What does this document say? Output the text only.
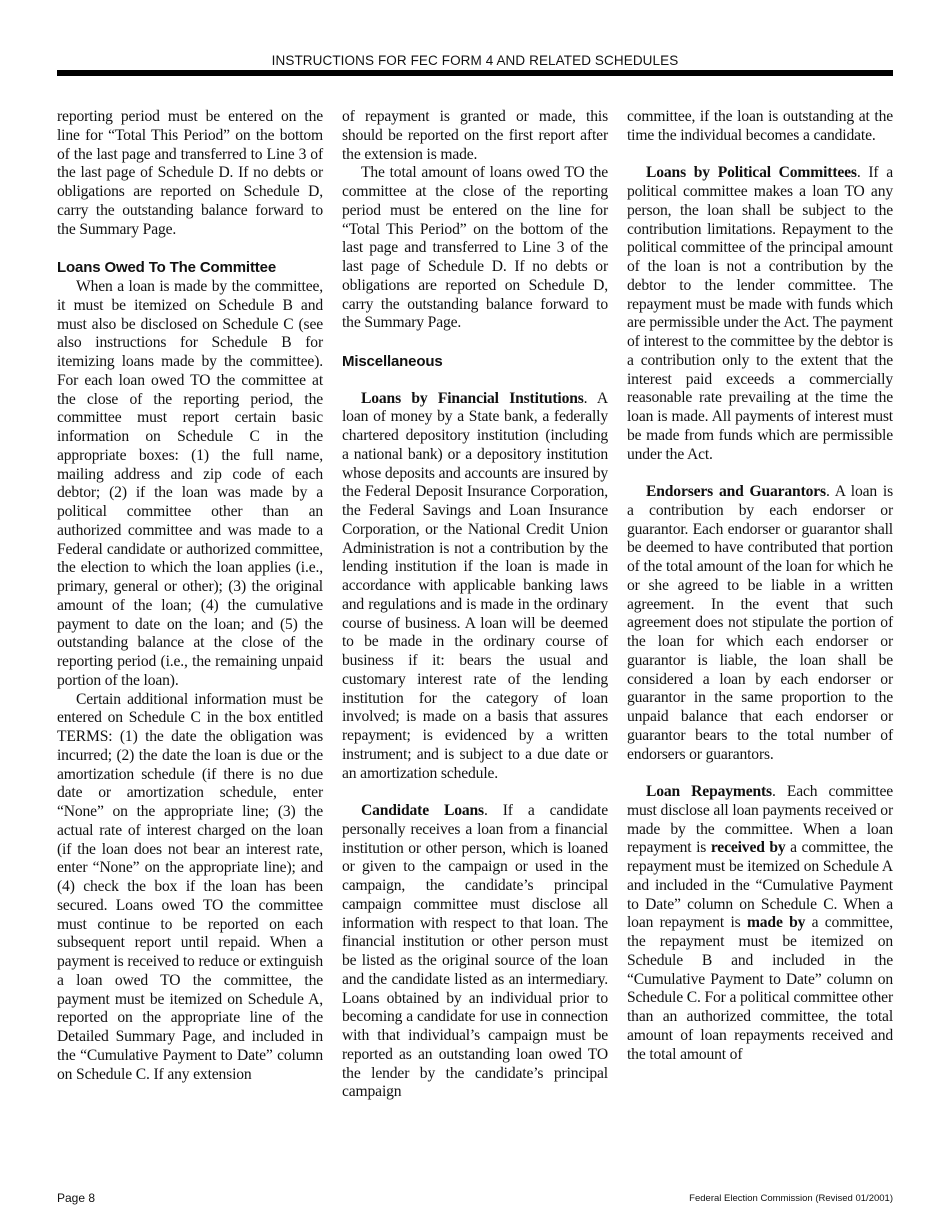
INSTRUCTIONS FOR FEC FORM 4 AND RELATED SCHEDULES

reporting period must be entered on the line for “Total This Period” on the bottom of the last page and transferred to Line 3 of the last page of Schedule D. If no debts or obligations are reported on Schedule D, carry the outstanding balance forward to the Summary Page.

Loans Owed To The Committee

When a loan is made by the committee, it must be itemized on Schedule B and must also be disclosed on Schedule C (see also instructions for Schedule B for itemizing loans made by the committee). For each loan owed TO the committee at the close of the reporting period, the committee must report certain basic information on Schedule C in the appropriate boxes: (1) the full name, mailing address and zip code of each debtor; (2) if the loan was made by a political committee other than an authorized committee and was made to a Federal candidate or authorized committee, the election to which the loan applies (i.e., primary, general or other); (3) the original amount of the loan; (4) the cumulative payment to date on the loan; and (5) the outstanding balance at the close of the reporting period (i.e., the remaining unpaid portion of the loan).

Certain additional information must be entered on Schedule C in the box entitled TERMS: (1) the date the obligation was incurred; (2) the date the loan is due or the amortization schedule (if there is no due date or amortization schedule, enter “None” on the appropriate line; (3) the actual rate of interest charged on the loan (if the loan does not bear an interest rate, enter “None” on the appropriate line); and (4) check the box if the loan has been secured. Loans owed TO the committee must continue to be reported on each subsequent report until repaid. When a payment is received to reduce or extinguish a loan owed TO the committee, the payment must be itemized on Schedule A, reported on the appropriate line of the Detailed Summary Page, and included in the “Cumulative Payment to Date” column on Schedule C. If any extension

of repayment is granted or made, this should be reported on the first report after the extension is made.

The total amount of loans owed TO the committee at the close of the reporting period must be entered on the line for “Total This Period” on the bottom of the last page and transferred to Line 3 of the last page of Schedule D. If no debts or obligations are reported on Schedule D, carry the outstanding balance forward to the Summary Page.

Miscellaneous

Loans by Financial Institutions. A loan of money by a State bank, a federally chartered depository institution (including a national bank) or a depository institution whose deposits and accounts are insured by the Federal Deposit Insurance Corporation, the Federal Savings and Loan Insurance Corporation, or the National Credit Union Administration is not a contribution by the lending institution if the loan is made in accordance with applicable banking laws and regulations and is made in the ordinary course of business. A loan will be deemed to be made in the ordinary course of business if it: bears the usual and customary interest rate of the lending institution for the category of loan involved; is made on a basis that assures repayment; is evidenced by a written instrument; and is subject to a due date or an amortization schedule.

Candidate Loans. If a candidate personally receives a loan from a financial institution or other person, which is loaned or given to the campaign or used in the campaign, the candidate’s principal campaign committee must disclose all information with respect to that loan. The financial institution or other person must be listed as the original source of the loan and the candidate listed as an intermediary. Loans obtained by an individual prior to becoming a candidate for use in connection with that individual’s campaign must be reported as an outstanding loan owed TO the lender by the candidate’s principal campaign

committee, if the loan is outstanding at the time the individual becomes a candidate.

Loans by Political Committees. If a political committee makes a loan TO any person, the loan shall be subject to the contribution limitations. Repayment to the political committee of the principal amount of the loan is not a contribution by the debtor to the lender committee. The repayment must be made with funds which are permissible under the Act. The payment of interest to the committee by the debtor is a contribution only to the extent that the interest paid exceeds a commercially reasonable rate prevailing at the time the loan is made. All payments of interest must be made from funds which are permissible under the Act.

Endorsers and Guarantors. A loan is a contribution by each endorser or guarantor. Each endorser or guarantor shall be deemed to have contributed that portion of the total amount of the loan for which he or she agreed to be liable in a written agreement. In the event that such agreement does not stipulate the portion of the loan for which each endorser or guarantor is liable, the loan shall be considered a loan by each endorser or guarantor in the same proportion to the unpaid balance that each endorser or guarantor bears to the total number of endorsers or guarantors.

Loan Repayments. Each committee must disclose all loan payments received or made by the committee. When a loan repayment is received by a committee, the repayment must be itemized on Schedule A and included in the “Cumulative Payment to Date” column on Schedule C. When a loan repayment is made by a committee, the repayment must be itemized on Schedule B and included in the “Cumulative Payment to Date” column on Schedule C. For a political committee other than an authorized committee, the total amount of loan repayments received and the total amount of

Page 8	Federal Election Commission (Revised 01/2001)
